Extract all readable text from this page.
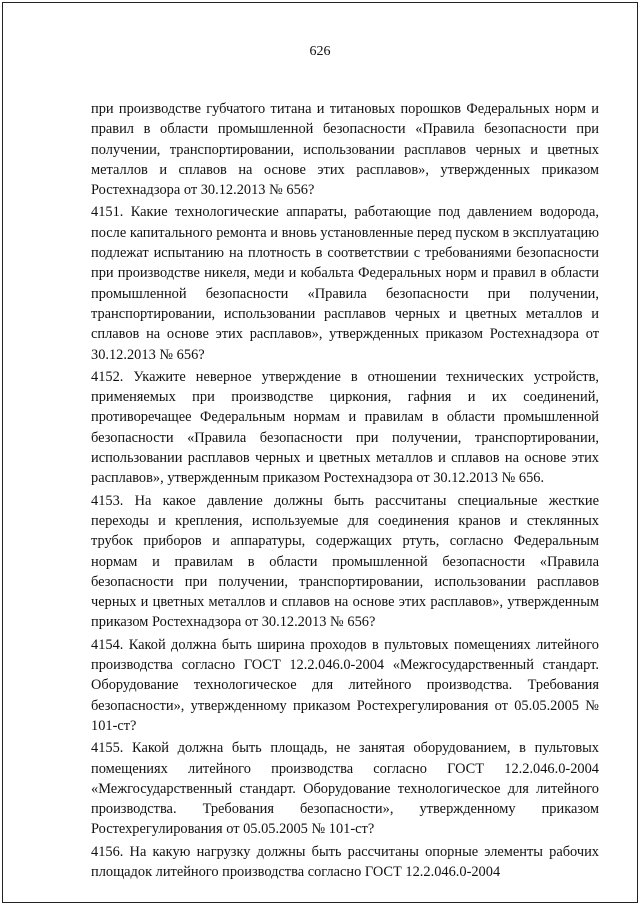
626

при производстве губчатого титана и титановых порошков Федеральных норм и правил в области промышленной безопасности «Правила безопасности при получении, транспортировании, использовании расплавов черных и цветных металлов и сплавов на основе этих расплавов», утвержденных приказом Ростехнадзора от 30.12.2013 № 656?

4151. Какие технологические аппараты, работающие под давлением водорода, после капитального ремонта и вновь установленные перед пуском в эксплуатацию подлежат испытанию на плотность в соответствии с требованиями безопасности при производстве никеля, меди и кобальта Федеральных норм и правил в области промышленной безопасности «Правила безопасности при получении, транспортировании, использовании расплавов черных и цветных металлов и сплавов на основе этих расплавов», утвержденных приказом Ростехнадзора от 30.12.2013 № 656?

4152. Укажите неверное утверждение в отношении технических устройств, применяемых при производстве циркония, гафния и их соединений, противоречащее Федеральным нормам и правилам в области промышленной безопасности «Правила безопасности при получении, транспортировании, использовании расплавов черных и цветных металлов и сплавов на основе этих расплавов», утвержденным приказом Ростехнадзора от 30.12.2013 № 656.

4153. На какое давление должны быть рассчитаны специальные жесткие переходы и крепления, используемые для соединения кранов и стеклянных трубок приборов и аппаратуры, содержащих ртуть, согласно Федеральным нормам и правилам в области промышленной безопасности «Правила безопасности при получении, транспортировании, использовании расплавов черных и цветных металлов и сплавов на основе этих расплавов», утвержденным приказом Ростехнадзора от 30.12.2013 № 656?

4154. Какой должна быть ширина проходов в пультовых помещениях литейного производства согласно ГОСТ 12.2.046.0-2004 «Межгосударственный стандарт. Оборудование технологическое для литейного производства. Требования безопасности», утвержденному приказом Ростехрегулирования от 05.05.2005 № 101-ст?

4155. Какой должна быть площадь, не занятая оборудованием, в пультовых помещениях литейного производства согласно ГОСТ 12.2.046.0-2004 «Межгосударственный стандарт. Оборудование технологическое для литейного производства. Требования безопасности», утвержденному приказом Ростехрегулирования от 05.05.2005 № 101-ст?

4156. На какую нагрузку должны быть рассчитаны опорные элементы рабочих площадок литейного производства согласно ГОСТ 12.2.046.0-2004
